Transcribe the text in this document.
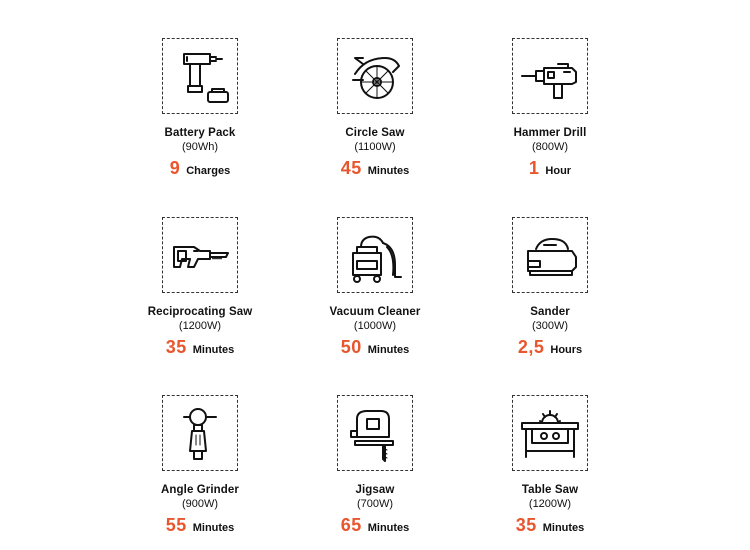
Battery Pack
(90Wh)
9 Charges
Circle Saw
(1100W)
45 Minutes
Hammer Drill
(800W)
1 Hour
Reciprocating Saw
(1200W)
35 Minutes
Vacuum Cleaner
(1000W)
50 Minutes
Sander
(300W)
2,5 Hours
Angle Grinder
(900W)
55 Minutes
Jigsaw
(700W)
65 Minutes
Table Saw
(1200W)
35 Minutes
